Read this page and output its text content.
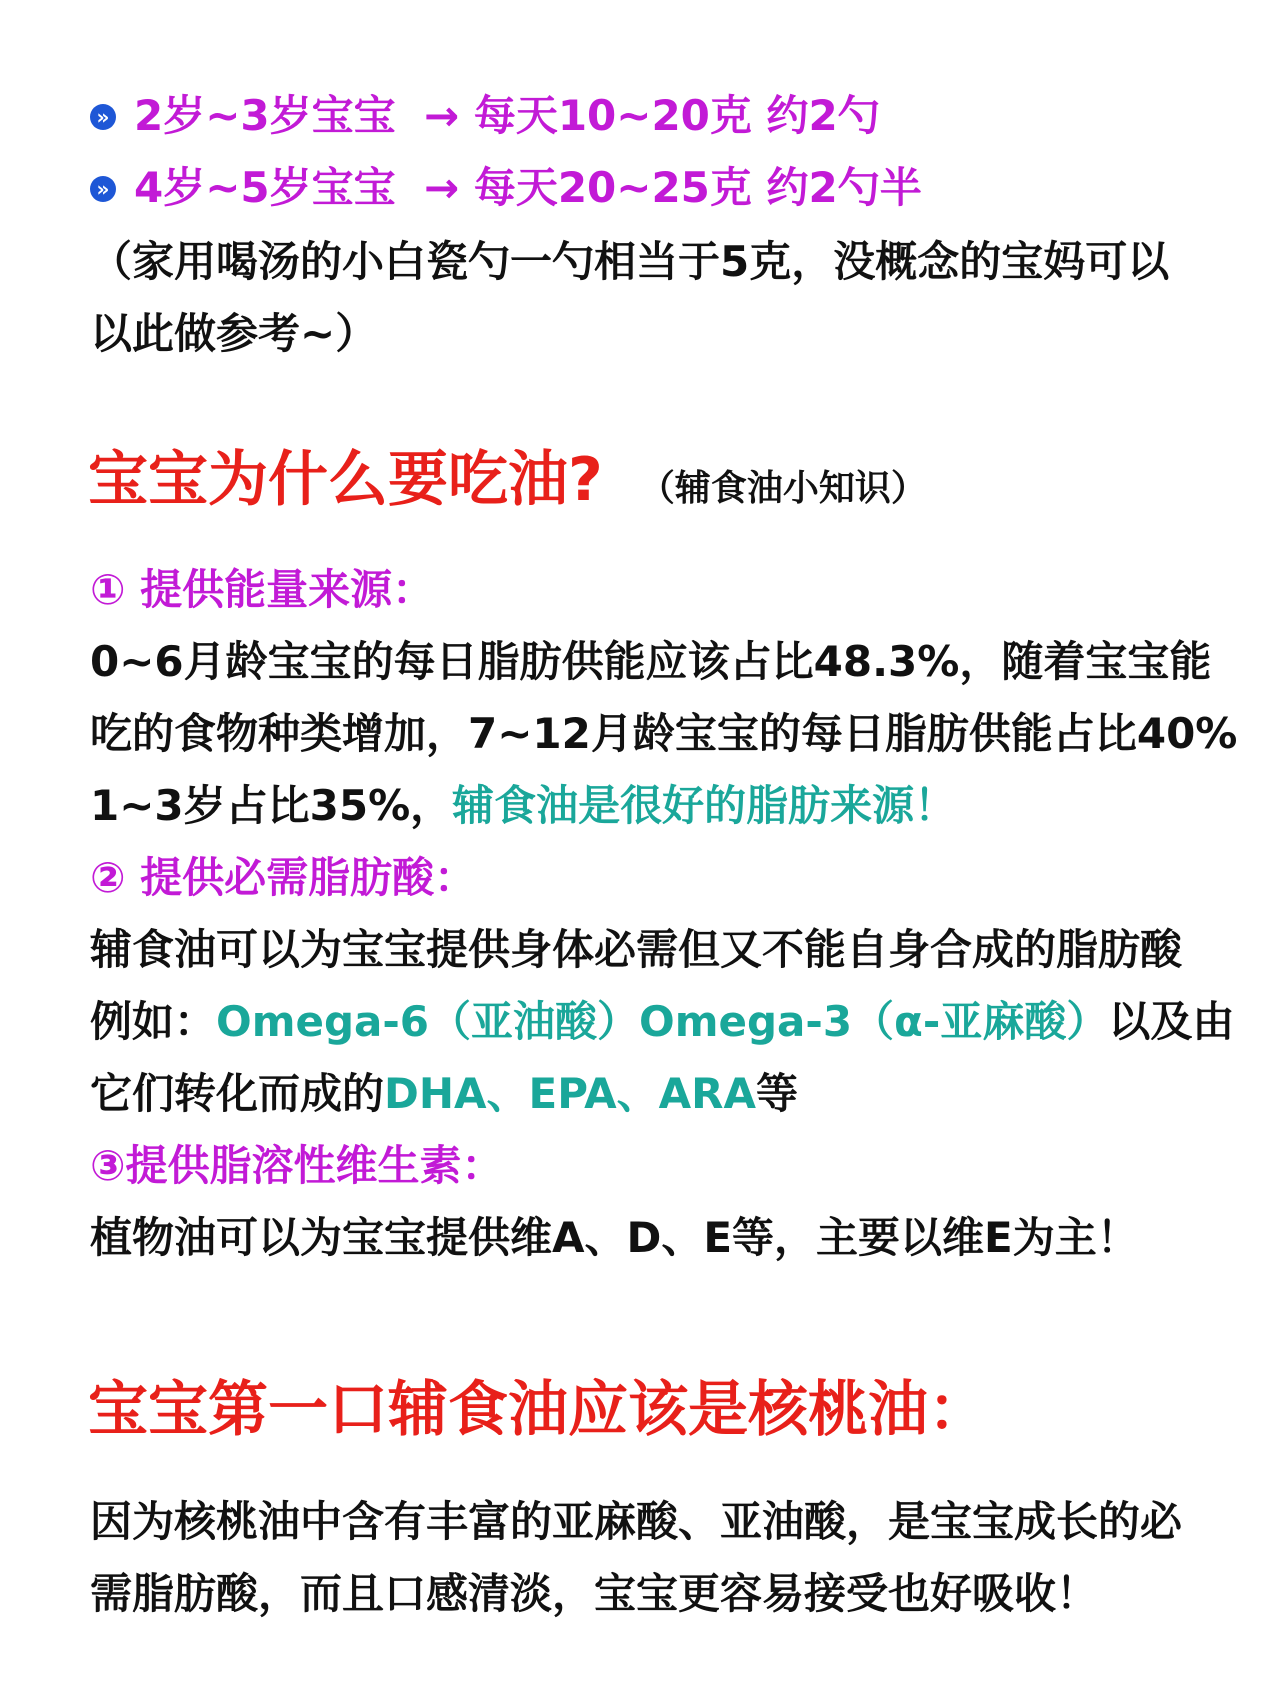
» 2岁~3岁宝宝 → 每天10~20克 约2勺
» 4岁~5岁宝宝 → 每天20~25克 约2勺半
（家用喝汤的小白瓷勺一勺相当于5克，没概念的宝妈可以
以此做参考~）
宝宝为什么要吃油? （辅食油小知识）
① 提供能量来源：
0~6月龄宝宝的每日脂肪供能应该占比48.3%，随着宝宝能
吃的食物种类增加，7~12月龄宝宝的每日脂肪供能占比40%
1~3岁占比35%，辅食油是很好的脂肪来源！
② 提供必需脂肪酸：
辅食油可以为宝宝提供身体必需但又不能自身合成的脂肪酸
例如：Omega-6（亚油酸）Omega-3（α-亚麻酸）以及由
它们转化而成的DHA、EPA、ARA等
③提供脂溶性维生素：
植物油可以为宝宝提供维A、D、E等，主要以维E为主！
宝宝第一口辅食油应该是核桃油：
因为核桃油中含有丰富的亚麻酸、亚油酸，是宝宝成长的必
需脂肪酸，而且口感清淡，宝宝更容易接受也好吸收！
